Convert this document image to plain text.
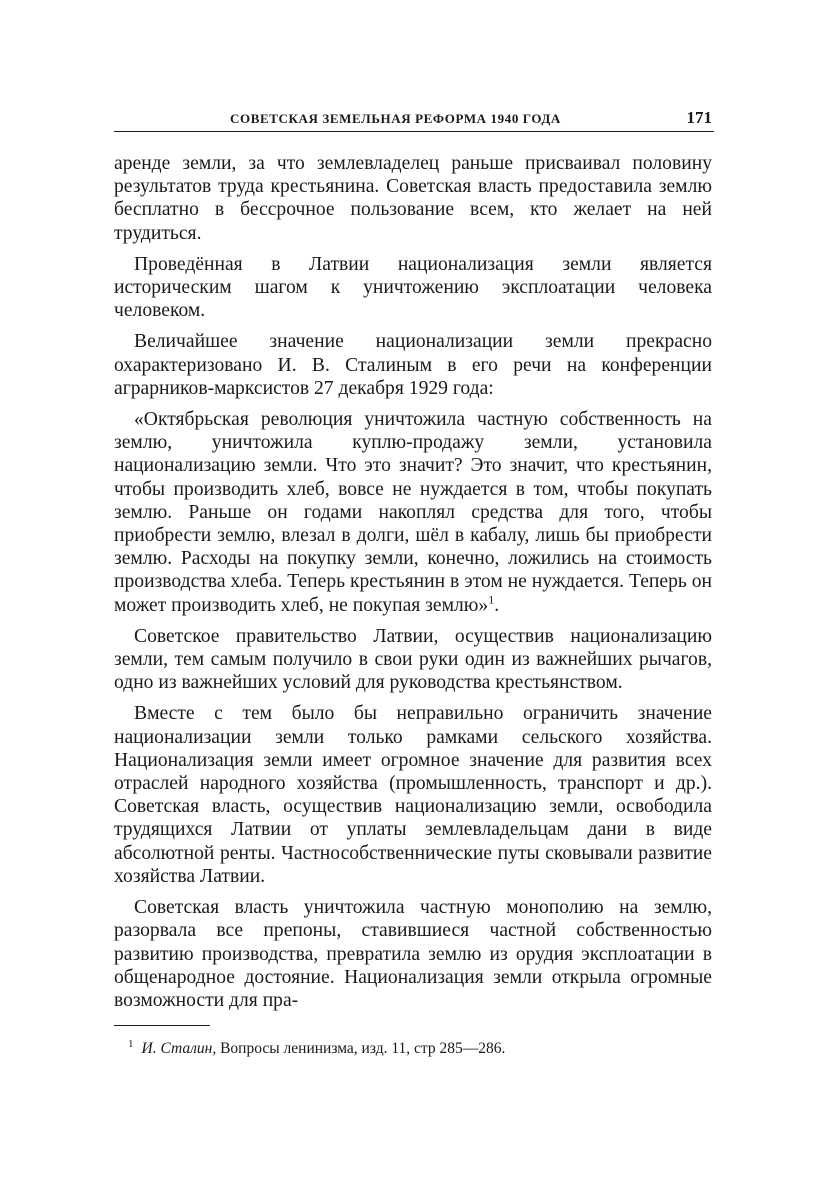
СОВЕТСКАЯ ЗЕМЕЛЬНАЯ РЕФОРМА 1940 ГОДА	171

аренде земли, за что землевладелец раньше присваивал половину результатов труда крестьянина. Советская власть предоставила землю бесплатно в бессрочное пользование всем, кто желает на ней трудиться.

Проведённая в Латвии национализация земли является историческим шагом к уничтожению эксплоатации человека человеком.

Величайшее значение национализации земли прекрасно охарактеризовано И. В. Сталиным в его речи на конференции аграрников-марксистов 27 декабря 1929 года:

«Октябрьская революция уничтожила частную собственность на землю, уничтожила куплю-продажу земли, установила национализацию земли. Что это значит? Это значит, что крестьянин, чтобы производить хлеб, вовсе не нуждается в том, чтобы покупать землю. Раньше он годами накоплял средства для того, чтобы приобрести землю, влезал в долги, шёл в кабалу, лишь бы приобрести землю. Расходы на покупку земли, конечно, ложились на стоимость производства хлеба. Теперь крестьянин в этом не нуждается. Теперь он может производить хлеб, не покупая землю»$^1$.

Советское правительство Латвии, осуществив национализацию земли, тем самым получило в свои руки один из важнейших рычагов, одно из важнейших условий для руководства крестьянством.

Вместе с тем было бы неправильно ограничить значение национализации земли только рамками сельского хозяйства. Национализация земли имеет огромное значение для развития всех отраслей народного хозяйства (промышленность, транспорт и др.). Советская власть, осуществив национализацию земли, освободила трудящихся Латвии от уплаты землевладельцам дани в виде абсолютной ренты. Частнособственнические путы сковывали развитие хозяйства Латвии.

Советская власть уничтожила частную монополию на землю, разорвала все препоны, ставившиеся частной собственностью развитию производства, превратила землю из орудия эксплоатации в общенародное достояние. Национализация земли открыла огромные возможности для пра-

$^1$ И. Сталин, Вопросы ленинизма, изд. 11, стр 285—286.
